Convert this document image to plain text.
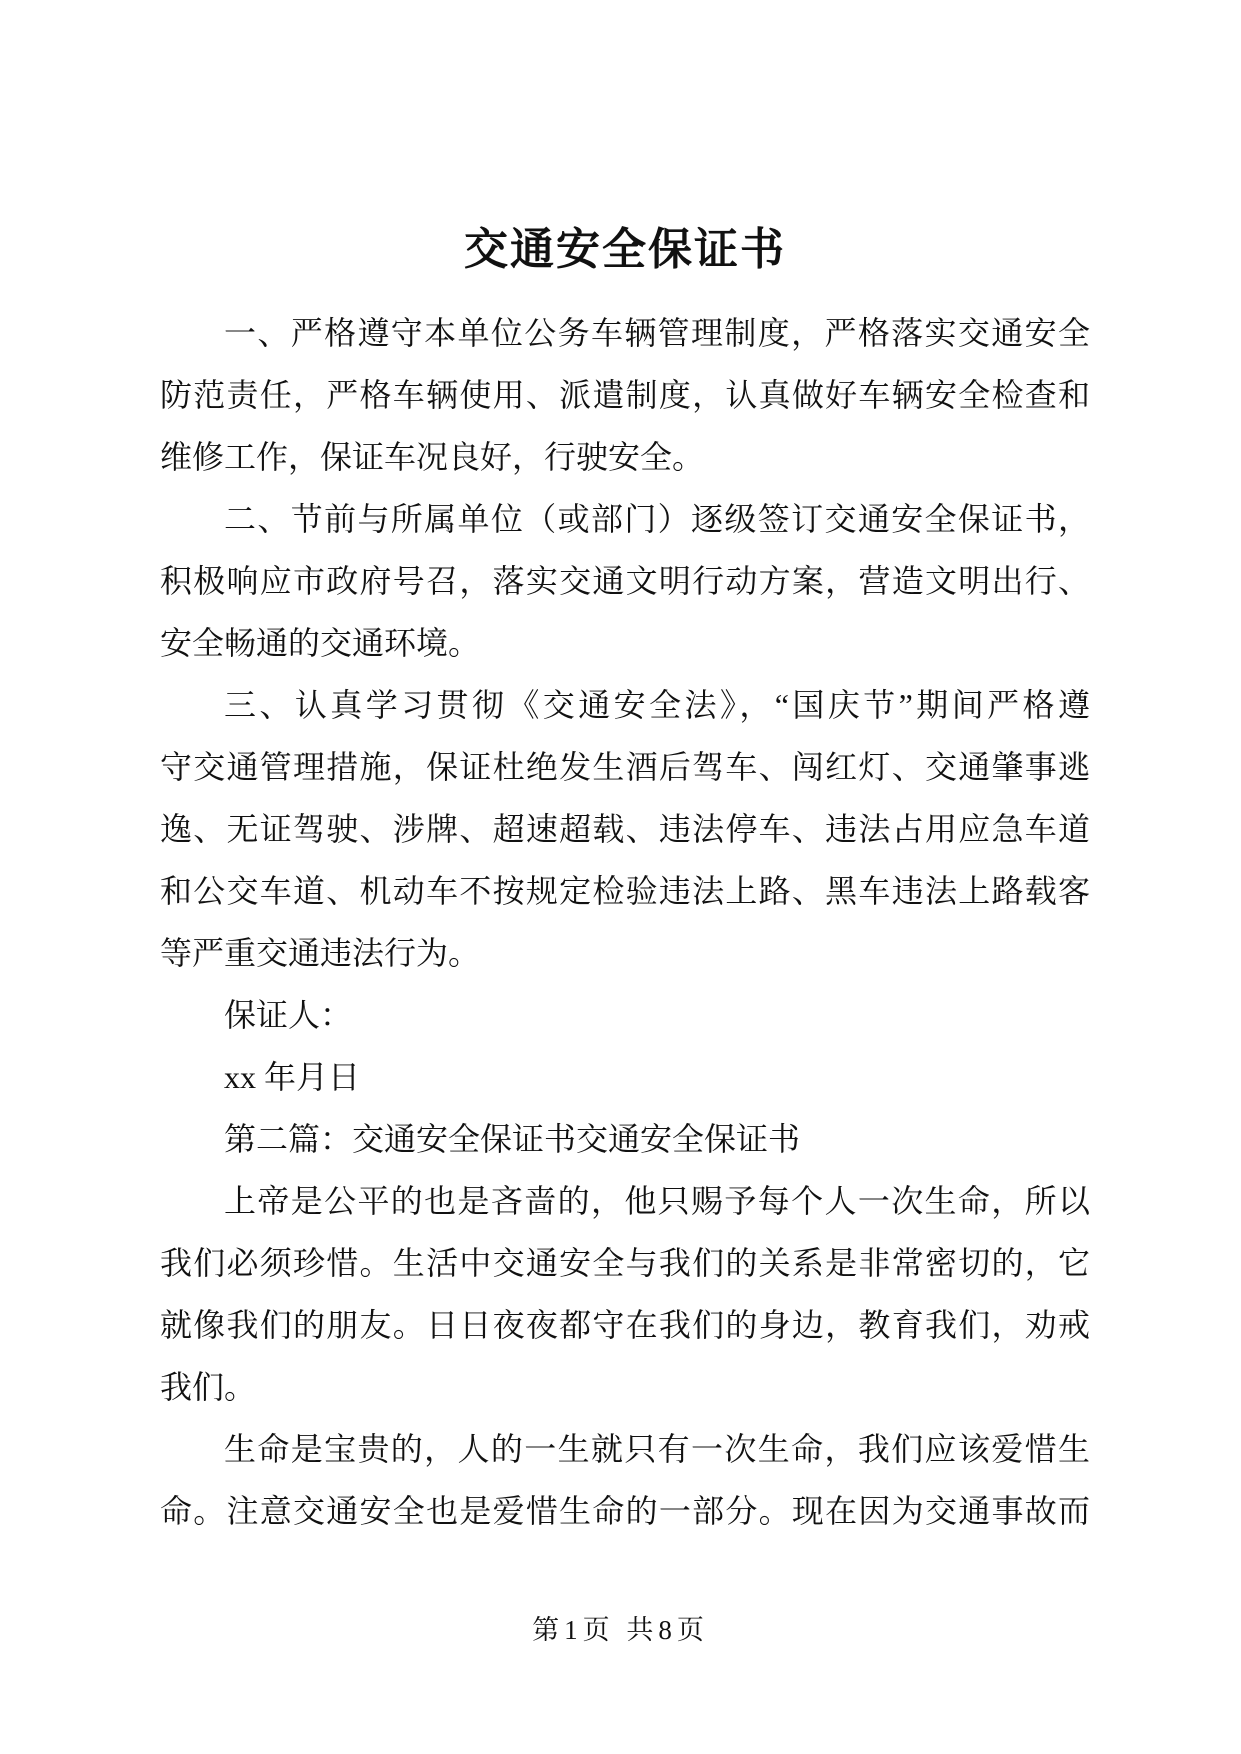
交通安全保证书
一、严格遵守本单位公务车辆管理制度，严格落实交通安全
防范责任，严格车辆使用、派遣制度，认真做好车辆安全检查和
维修工作，保证车况良好，行驶安全。
二、节前与所属单位（或部门）逐级签订交通安全保证书，
积极响应市政府号召，落实交通文明行动方案，营造文明出行、
安全畅通的交通环境。
三、认真学习贯彻《交通安全法》，“国庆节”期间严格遵
守交通管理措施，保证杜绝发生酒后驾车、闯红灯、交通肇事逃
逸、无证驾驶、涉牌、超速超载、违法停车、违法占用应急车道
和公交车道、机动车不按规定检验违法上路、黑车违法上路载客
等严重交通违法行为。
保证人：
xx 年月日
第二篇：交通安全保证书交通安全保证书
上帝是公平的也是吝啬的，他只赐予每个人一次生命，所以
我们必须珍惜。生活中交通安全与我们的关系是非常密切的，它
就像我们的朋友。日日夜夜都守在我们的身边，教育我们，劝戒
我们。
生命是宝贵的，人的一生就只有一次生命，我们应该爱惜生
命。注意交通安全也是爱惜生命的一部分。现在因为交通事故而
第1页 共8页
